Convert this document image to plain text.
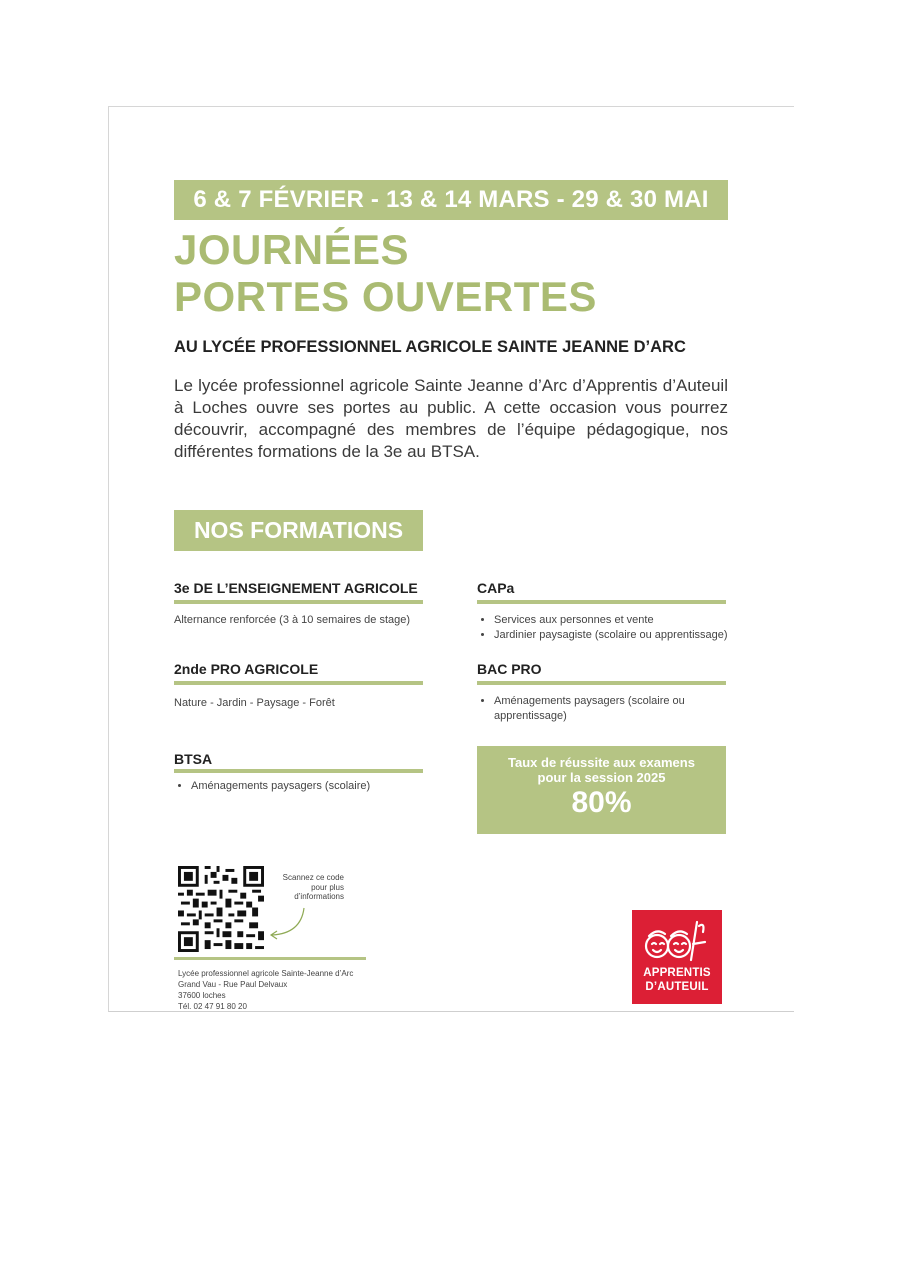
6 & 7 FÉVRIER - 13 & 14 MARS - 29 & 30 MAI
JOURNÉES
PORTES OUVERTES
AU LYCÉE PROFESSIONNEL AGRICOLE SAINTE JEANNE D’ARC
Le lycée professionnel agricole Sainte Jeanne d’Arc d’Apprentis d’Auteuil à Loches ouvre ses portes au public. A cette occasion vous pourrez découvrir, accompagné des membres de l’équipe pédagogique, nos différentes formations de la 3e au BTSA.
NOS FORMATIONS
3e DE L’ENSEIGNEMENT AGRICOLE
Alternance renforcée (3 à 10 semaires de stage)
2nde PRO AGRICOLE
Nature - Jardin - Paysage - Forêt
BTSA
• Aménagements paysagers (scolaire)
CAPa
• Services aux personnes et vente
• Jardinier paysagiste (scolaire ou apprentissage)
BAC PRO
• Aménagements paysagers (scolaire ou apprentissage)
Taux de réussite aux examens
pour la session 2025
80%
Scannez ce code
pour plus
d’informations
Lycée professionnel agricole Sainte-Jeanne d’Arc
Grand Vau - Rue Paul Delvaux
37600 loches
Tél. 02 47 91 80 20
APPRENTIS
D’AUTEUIL
